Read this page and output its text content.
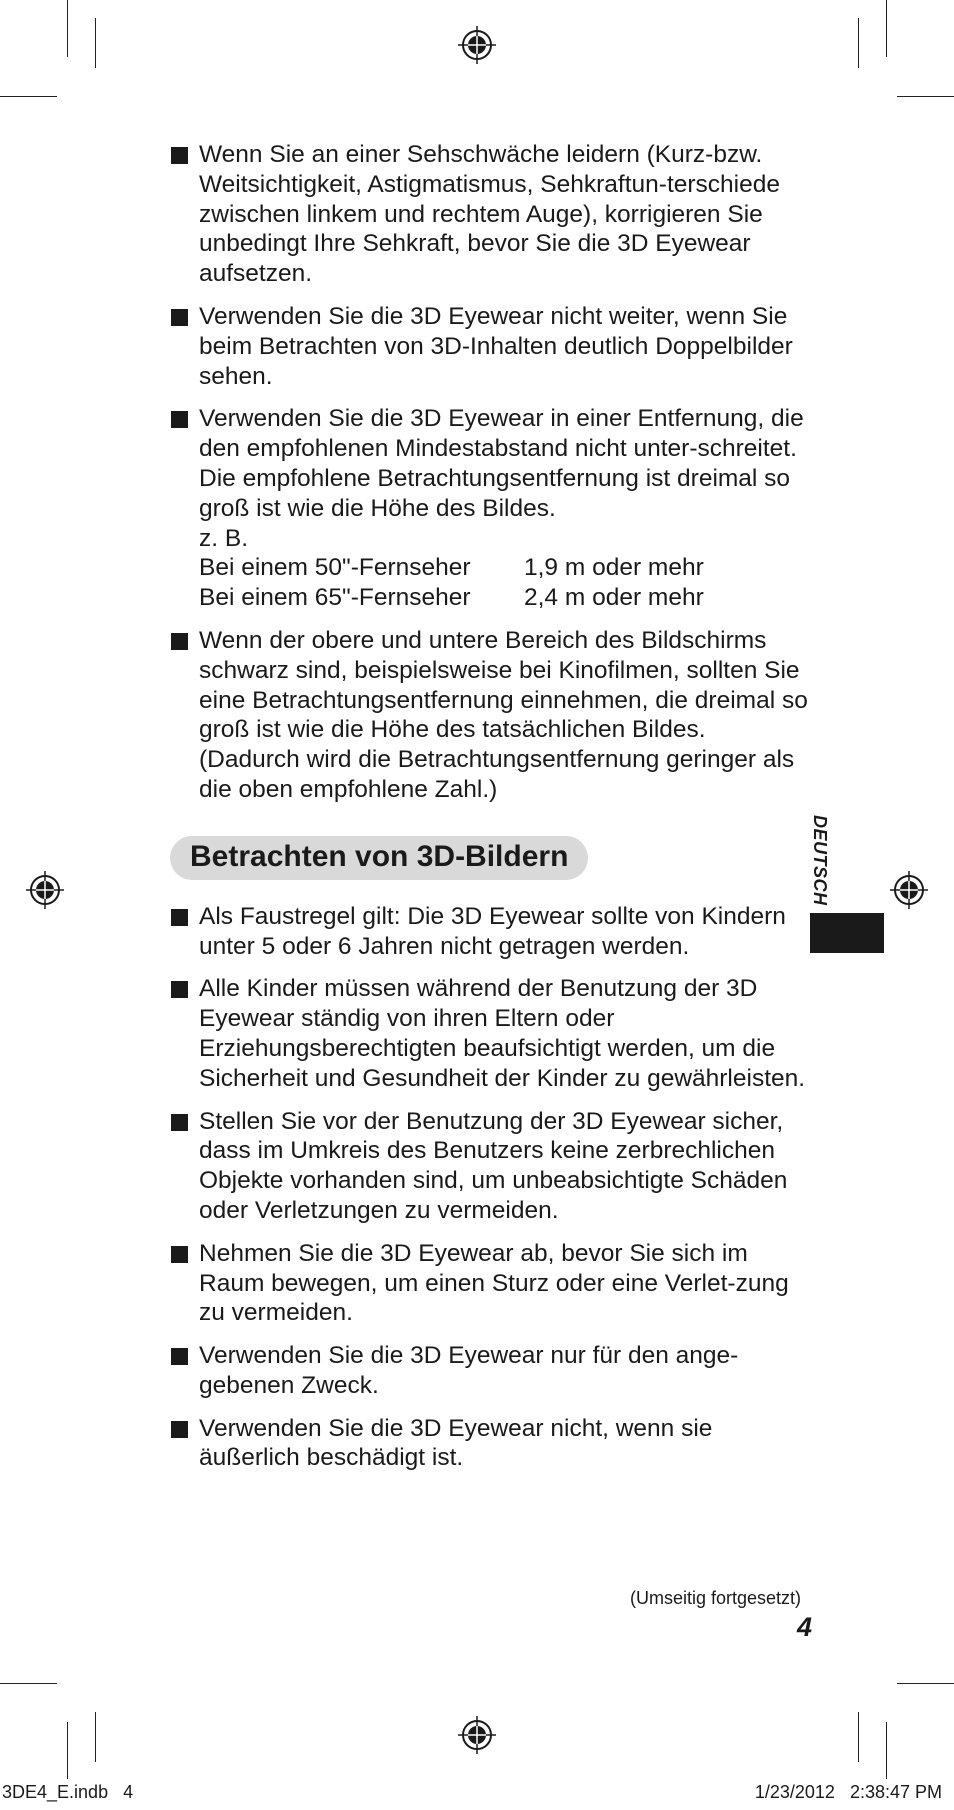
Wenn Sie an einer Sehschwäche leidern (Kurz-bzw. Weitsichtigkeit, Astigmatismus, Sehkraftun-terschiede zwischen linkem und rechtem Auge), korrigieren Sie unbedingt Ihre Sehkraft, bevor Sie die 3D Eyewear aufsetzen.
Verwenden Sie die 3D Eyewear nicht weiter, wenn Sie beim Betrachten von 3D-Inhalten deutlich Doppelbilder sehen.
Verwenden Sie die 3D Eyewear in einer Entfernung, die den empfohlenen Mindestabstand nicht unter-schreitet.
Die empfohlene Betrachtungsentfernung ist dreimal so groß ist wie die Höhe des Bildes.
z. B.
Bei einem 50"-Fernseher	1,9 m oder mehr
Bei einem 65"-Fernseher	2,4 m oder mehr
Wenn der obere und untere Bereich des Bildschirms schwarz sind, beispielsweise bei Kinofilmen, sollten Sie eine Betrachtungsentfernung einnehmen, die dreimal so groß ist wie die Höhe des tatsächlichen Bildes.
(Dadurch wird die Betrachtungsentfernung geringer als die oben empfohlene Zahl.)
Betrachten von 3D-Bildern
Als Faustregel gilt: Die 3D Eyewear sollte von Kindern unter 5 oder 6 Jahren nicht getragen werden.
Alle Kinder müssen während der Benutzung der 3D Eyewear ständig von ihren Eltern oder Erziehungsberechtigten beaufsichtigt werden, um die Sicherheit und Gesundheit der Kinder zu gewährleisten.
Stellen Sie vor der Benutzung der 3D Eyewear sicher, dass im Umkreis des Benutzers keine zerbrechlichen Objekte vorhanden sind, um unbeabsichtigte Schäden oder Verletzungen zu vermeiden.
Nehmen Sie die 3D Eyewear ab, bevor Sie sich im Raum bewegen, um einen Sturz oder eine Verlet-zung zu vermeiden.
Verwenden Sie die 3D Eyewear nur für den ange-gebenen Zweck.
Verwenden Sie die 3D Eyewear nicht, wenn sie äußerlich beschädigt ist.
DEUTSCH
(Umseitig fortgesetzt)
4
3DE4_E.indb   4	1/23/2012   2:38:47 PM
